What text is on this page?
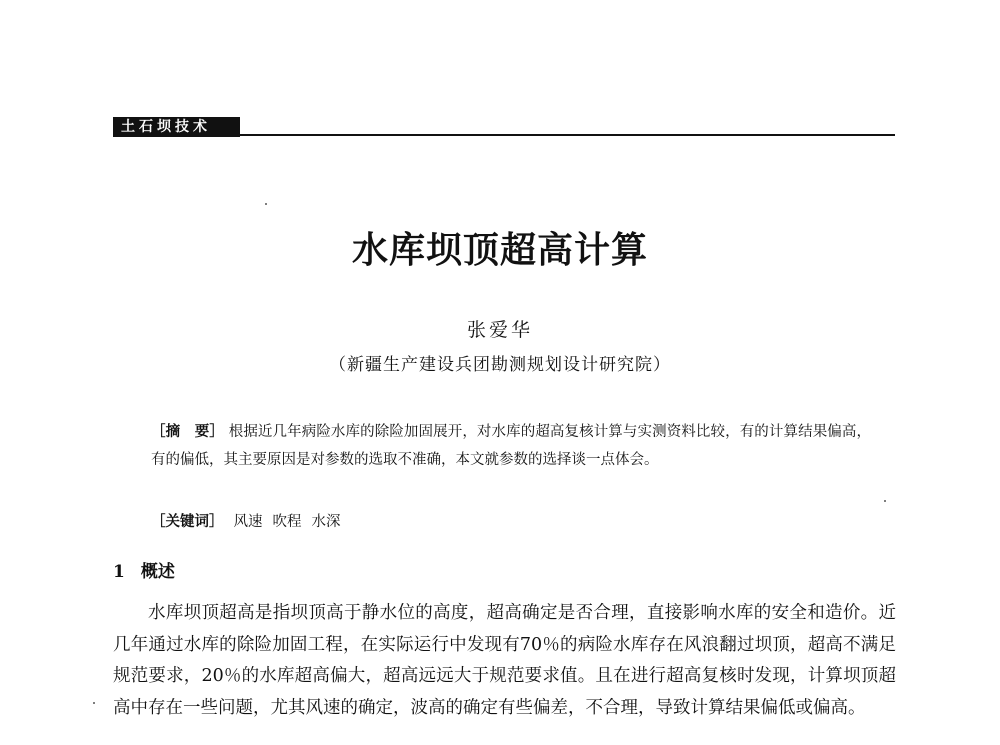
土石坝技术
水库坝顶超高计算
张爱华
（新疆生产建设兵团勘测规划设计研究院）
［摘　要］ 根据近几年病险水库的除险加固展开，对水库的超高复核计算与实测资料比较，有的计算结果偏高，有的偏低，其主要原因是对参数的选取不准确，本文就参数的选择谈一点体会。
［关键词］ 风速 吹程 水深
1 概述

水库坝顶超高是指坝顶高于静水位的高度，超高确定是否合理，直接影响水库的安全和造价。近几年通过水库的除险加固工程，在实际运行中发现有70％的病险水库存在风浪翻过坝顶，超高不满足规范要求，20％的水库超高偏大，超高远远大于规范要求值。且在进行超高复核时发现，计算坝顶超高中存在一些问题，尤其风速的确定，波高的确定有些偏差，不合理，导致计算结果偏低或偏高。
